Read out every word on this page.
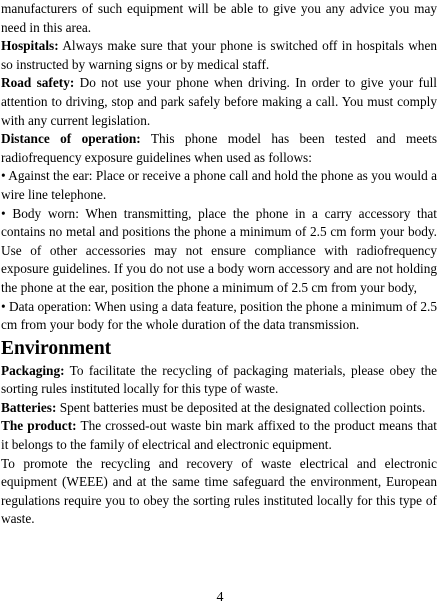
manufacturers of such equipment will be able to give you any advice you may need in this area.

Hospitals: Always make sure that your phone is switched off in hospitals when so instructed by warning signs or by medical staff.

Road safety: Do not use your phone when driving. In order to give your full attention to driving, stop and park safely before making a call. You must comply with any current legislation.

Distance of operation: This phone model has been tested and meets radiofrequency exposure guidelines when used as follows:

• Against the ear: Place or receive a phone call and hold the phone as you would a wire line telephone.

• Body worn: When transmitting, place the phone in a carry accessory that contains no metal and positions the phone a minimum of 2.5 cm form your body. Use of other accessories may not ensure compliance with radiofrequency exposure guidelines. If you do not use a body worn accessory and are not holding the phone at the ear, position the phone a minimum of 2.5 cm from your body,

• Data operation: When using a data feature, position the phone a minimum of 2.5 cm from your body for the whole duration of the data transmission.

Environment

Packaging: To facilitate the recycling of packaging materials, please obey the sorting rules instituted locally for this type of waste.

Batteries: Spent batteries must be deposited at the designated collection points.

The product: The crossed-out waste bin mark affixed to the product means that it belongs to the family of electrical and electronic equipment.

To promote the recycling and recovery of waste electrical and electronic equipment (WEEE) and at the same time safeguard the environment, European regulations require you to obey the sorting rules instituted locally for this type of waste.

4
